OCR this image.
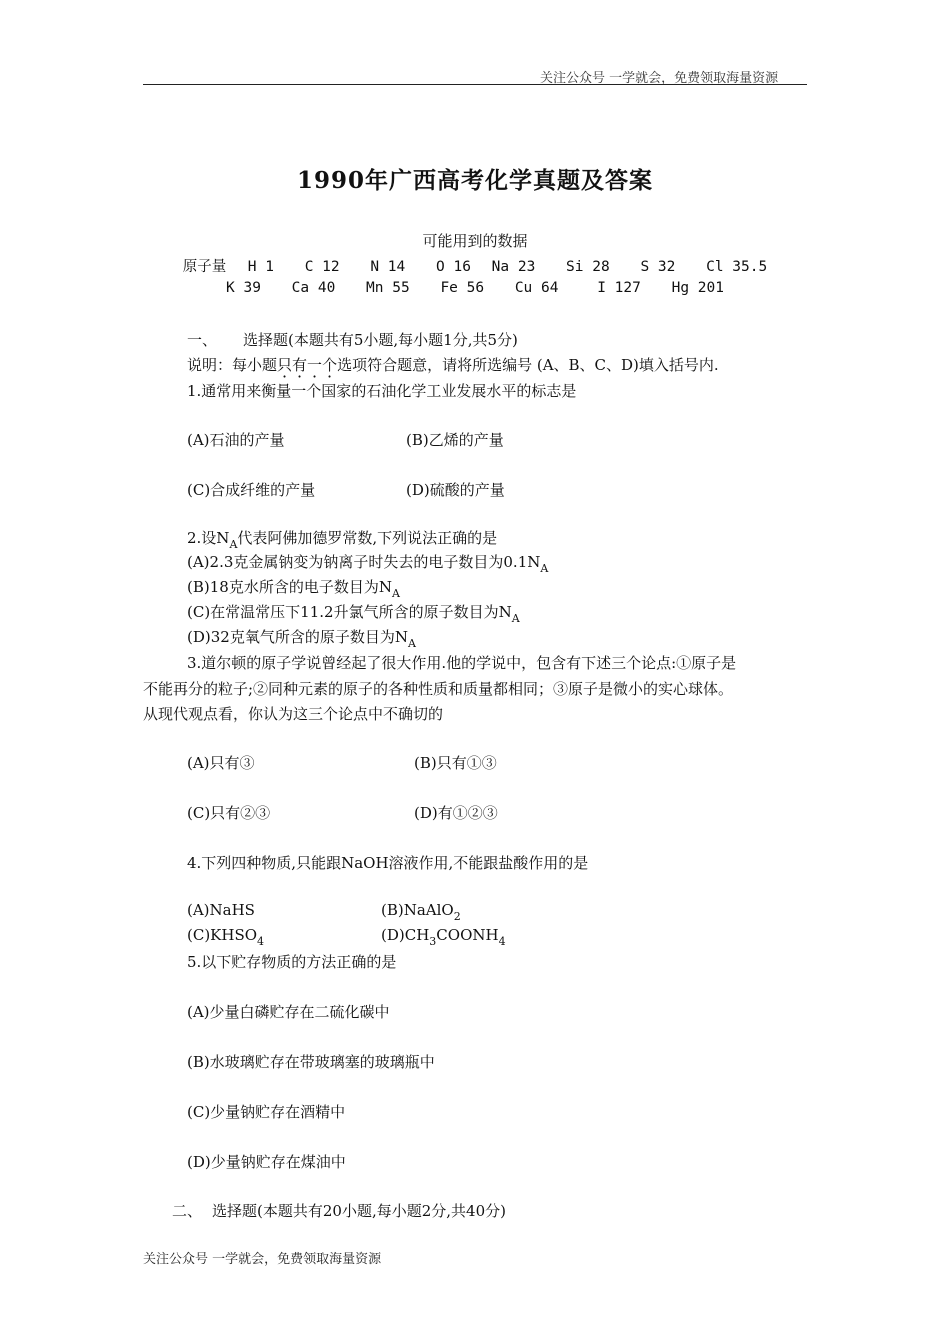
关注公众号 一学就会，免费领取海量资源
1990年广西高考化学真题及答案
可能用到的数据
原子量 H 1 C 12 N 14 O 16 Na 23 Si 28 S 32 Cl 35.5
K 39 Ca 40 Mn 55 Fe 56 Cu 64	I 127 Hg 201
一、 选择题(本题共有5小题,每小题1分,共5分)
说明：每小题只有一个选项符合题意，请将所选编号 (A、B、C、D)填入括号内.
1.通常用来衡量一个国家的石油化学工业发展水平的标志是
(A)石油的产量	(B)乙烯的产量
(C)合成纤维的产量	(D)硫酸的产量
2.设$N_A$代表阿佛加德罗常数,下列说法正确的是
(A)2.3克金属钠变为钠离子时失去的电子数目为$0.1N_A$
(B)18克水所含的电子数目为$N_A$
(C)在常温常压下11.2升氯气所含的原子数目为$N_A$
(D)32克氧气所含的原子数目为$N_A$
3.道尔顿的原子学说曾经起了很大作用.他的学说中，包含有下述三个论点:①原子是
不能再分的粒子;②同种元素的原子的各种性质和质量都相同；③原子是微小的实心球体。
从现代观点看，你认为这三个论点中不确切的
(A)只有③	(B)只有①③
(C)只有②③	(D)有①②③
4.下列四种物质,只能跟NaOH溶液作用,不能跟盐酸作用的是
(A)NaHS	(B)NaAlO$_2$
$(C)KHSO_4$	$(D)CH_3COONH_4$
5.以下贮存物质的方法正确的是
(A)少量白磷贮存在二硫化碳中
(B)水玻璃贮存在带玻璃塞的玻璃瓶中
(C)少量钠贮存在酒精中
(D)少量钠贮存在煤油中
二、 选择题(本题共有20小题,每小题2分,共40分)
关注公众号 一学就会，免费领取海量资源
